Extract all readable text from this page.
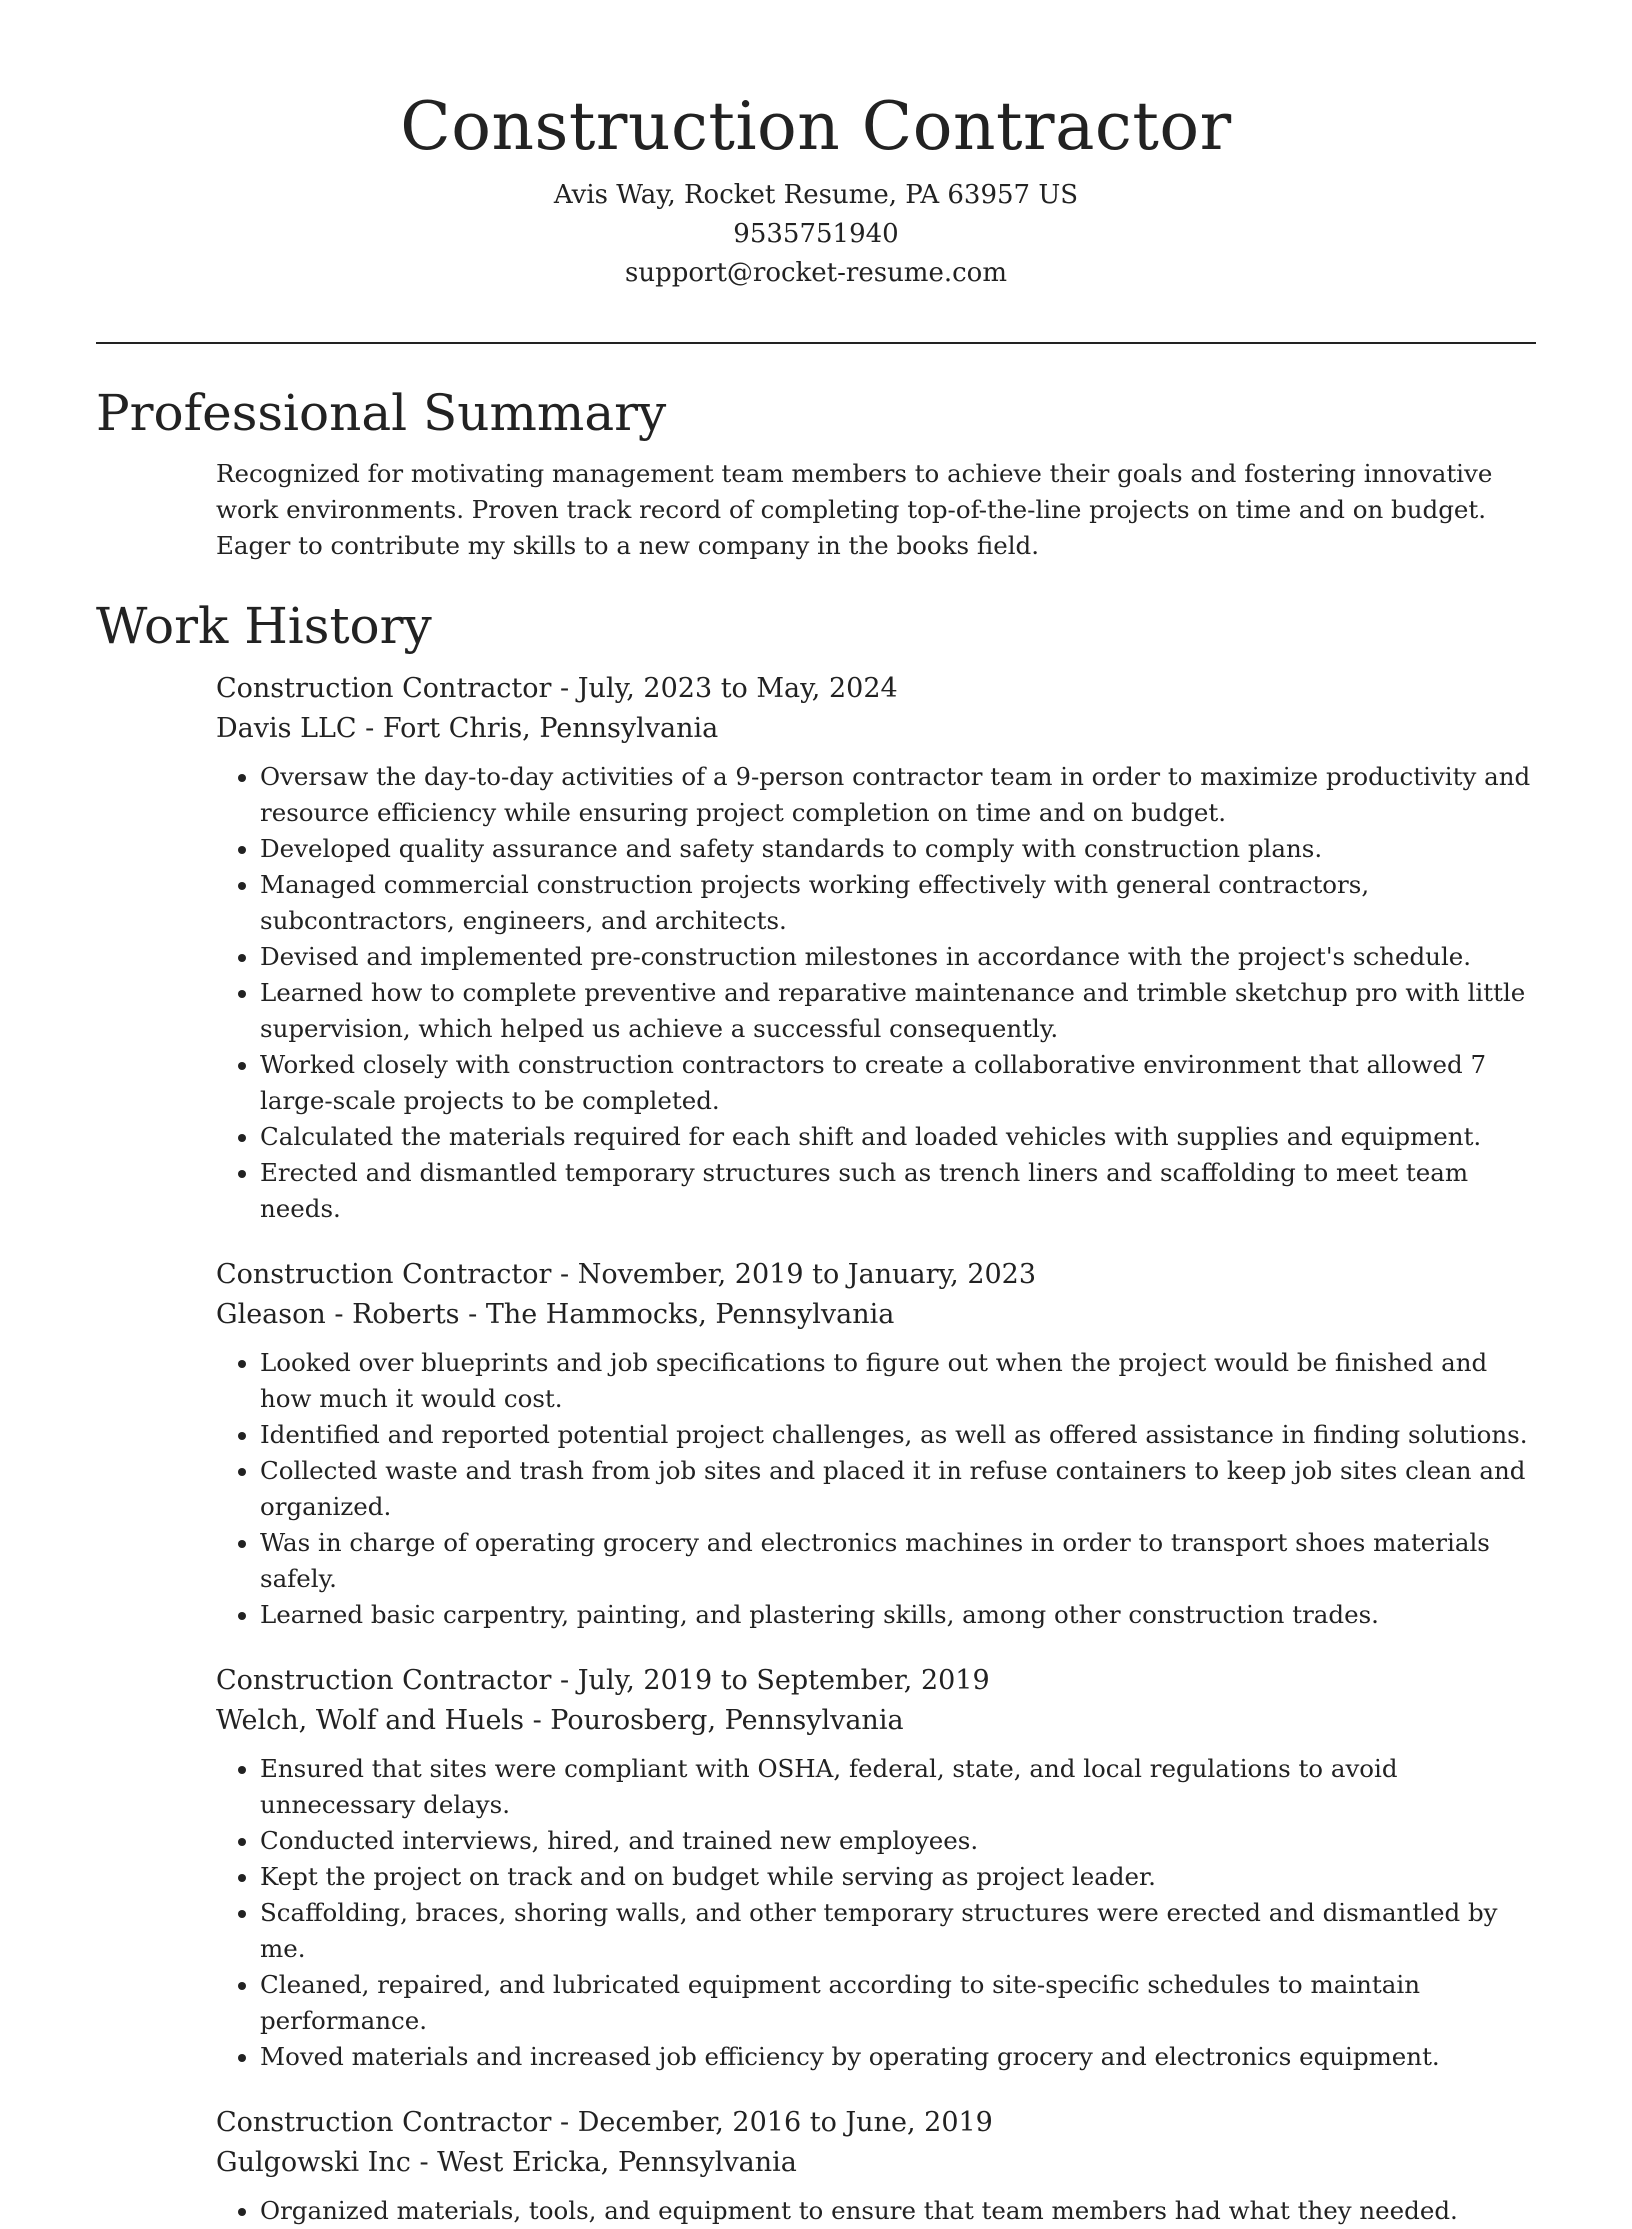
Construction Contractor
Avis Way, Rocket Resume, PA 63957 US
9535751940
support@rocket-resume.com
Professional Summary
Recognized for motivating management team members to achieve their goals and fostering innovative work environments. Proven track record of completing top-of-the-line projects on time and on budget. Eager to contribute my skills to a new company in the books field.
Work History
Construction Contractor - July, 2023 to May, 2024
Davis LLC - Fort Chris, Pennsylvania
• Oversaw the day-to-day activities of a 9-person contractor team in order to maximize productivity and resource efficiency while ensuring project completion on time and on budget.
• Developed quality assurance and safety standards to comply with construction plans.
• Managed commercial construction projects working effectively with general contractors, subcontractors, engineers, and architects.
• Devised and implemented pre-construction milestones in accordance with the project's schedule.
• Learned how to complete preventive and reparative maintenance and trimble sketchup pro with little supervision, which helped us achieve a successful consequently.
• Worked closely with construction contractors to create a collaborative environment that allowed 7 large-scale projects to be completed.
• Calculated the materials required for each shift and loaded vehicles with supplies and equipment.
• Erected and dismantled temporary structures such as trench liners and scaffolding to meet team needs.
Construction Contractor - November, 2019 to January, 2023
Gleason - Roberts - The Hammocks, Pennsylvania
• Looked over blueprints and job specifications to figure out when the project would be finished and how much it would cost.
• Identified and reported potential project challenges, as well as offered assistance in finding solutions.
• Collected waste and trash from job sites and placed it in refuse containers to keep job sites clean and organized.
• Was in charge of operating grocery and electronics machines in order to transport shoes materials safely.
• Learned basic carpentry, painting, and plastering skills, among other construction trades.
Construction Contractor - July, 2019 to September, 2019
Welch, Wolf and Huels - Pourosberg, Pennsylvania
• Ensured that sites were compliant with OSHA, federal, state, and local regulations to avoid unnecessary delays.
• Conducted interviews, hired, and trained new employees.
• Kept the project on track and on budget while serving as project leader.
• Scaffolding, braces, shoring walls, and other temporary structures were erected and dismantled by me.
• Cleaned, repaired, and lubricated equipment according to site-specific schedules to maintain performance.
• Moved materials and increased job efficiency by operating grocery and electronics equipment.
Construction Contractor - December, 2016 to June, 2019
Gulgowski Inc - West Ericka, Pennsylvania
• Organized materials, tools, and equipment to ensure that team members had what they needed.
